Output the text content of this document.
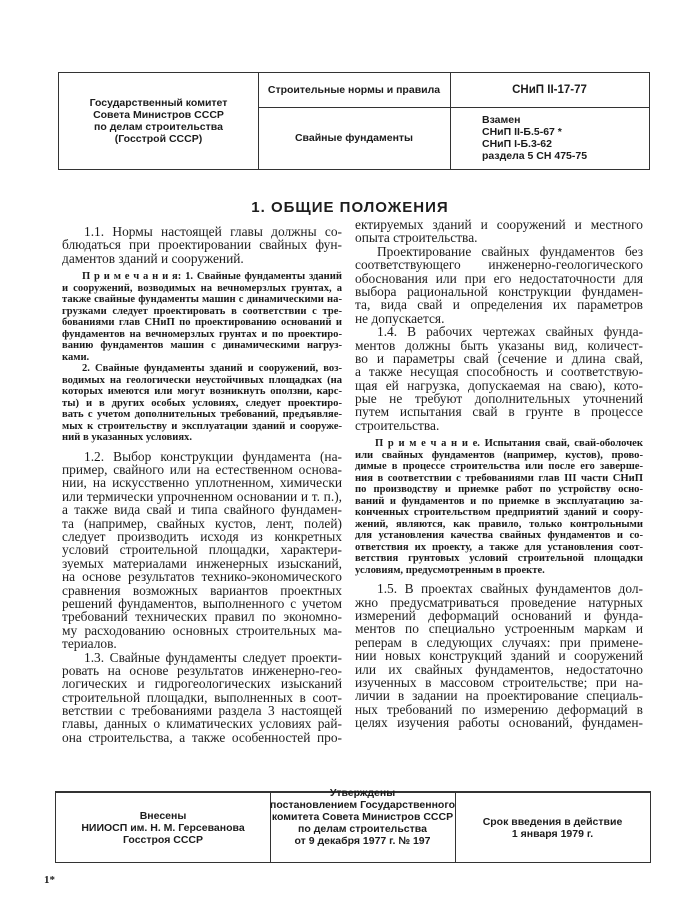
Государственный комитет
Совета Министров СССР
по делам строительства
(Госстрой СССР)
Строительные нормы и правила	СНиП II-17-77
Свайные фундаменты
Взамен
СНиП II-Б.5-67 *
СНиП I-Б.3-62
раздела 5 СН 475-75
1. ОБЩИЕ ПОЛОЖЕНИЯ
1.1. Нормы настоящей главы должны со-
блюдаться при проектировании свайных фун-
даментов зданий и сооружений.
П р и м е ч а н и я: 1. Свайные фундаменты зданий
и сооружений, возводимых на вечномерзлых грунтах, а
также свайные фундаменты машин с динамическими на-
грузками следует проектировать в соответствии с тре-
бованиями глав СНиП по проектированию оснований и
фундаментов на вечномерзлых грунтах и по проектиро-
ванию фундаментов машин с динамическими нагруз-
ками.
2. Свайные фундаменты зданий и сооружений, воз-
водимых на геологически неустойчивых площадках (на
которых имеются или могут возникнуть оползни, карс-
ты) и в других особых условиях, следует проектиро-
вать с учетом дополнительных требований, предъявляе-
мых к строительству и эксплуатации зданий и сооруже-
ний в указанных условиях.
1.2. Выбор конструкции фундамента (на-
пример, свайного или на естественном основа-
нии, на искусственно уплотненном, химически
или термически упрочненном основании и т. п.),
а также вида свай и типа свайного фундамен-
та (например, свайных кустов, лент, полей)
следует производить исходя из конкретных
условий строительной площадки, характери-
зуемых материалами инженерных изысканий,
на основе результатов технико-экономического
сравнения возможных вариантов проектных
решений фундаментов, выполненного с учетом
требований технических правил по экономно-
му расходованию основных строительных ма-
териалов.
1.3. Свайные фундаменты следует проекти-
ровать на основе результатов инженерно-гео-
логических и гидрогеологических изысканий
строительной площадки, выполненных в соот-
ветствии с требованиями раздела 3 настоящей
главы, данных о климатических условиях рай-
она строительства, а также особенностей про-
ектируемых зданий и сооружений и местного
опыта строительства.
Проектирование свайных фундаментов без
соответствующего инженерно-геологического
обоснования или при его недостаточности для
выбора рациональной конструкции фундамен-
та, вида свай и определения их параметров
не допускается.
1.4. В рабочих чертежах свайных фунда-
ментов должны быть указаны вид, количест-
во и параметры свай (сечение и длина свай,
а также несущая способность и соответствую-
щая ей нагрузка, допускаемая на сваю), кото-
рые не требуют дополнительных уточнений
путем испытания свай в грунте в процессе
строительства.
П р и м е ч а н и е. Испытания свай, свай-оболочек
или свайных фундаментов (например, кустов), прово-
димые в процессе строительства или после его заверше-
ния в соответствии с требованиями глав III части СНиП
по производству и приемке работ по устройству осно-
ваний и фундаментов и по приемке в эксплуатацию за-
конченных строительством предприятий зданий и соору-
жений, являются, как правило, только контрольными
для установления качества свайных фундаментов и со-
ответствия их проекту, а также для установления соот-
ветствия грунтовых условий строительной площадки
условиям, предусмотренным в проекте.
1.5. В проектах свайных фундаментов дол-
жно предусматриваться проведение натурных
измерений деформаций оснований и фунда-
ментов по специально устроенным маркам и
реперам в следующих случаях: при примене-
нии новых конструкций зданий и сооружений
или их свайных фундаментов, недостаточно
изученных в массовом строительстве; при на-
личии в задании на проектирование специаль-
ных требований по измерению деформаций в
целях изучения работы оснований, фундамен-
Внесены
НИИОСП им. Н. М. Герсеванова
Госстроя СССР
Утверждены
постановлением Государственного
комитета Совета Министров СССР
по делам строительства
от 9 декабря 1977 г. № 197
Срок введения в действие
1 января 1979 г.
1*
